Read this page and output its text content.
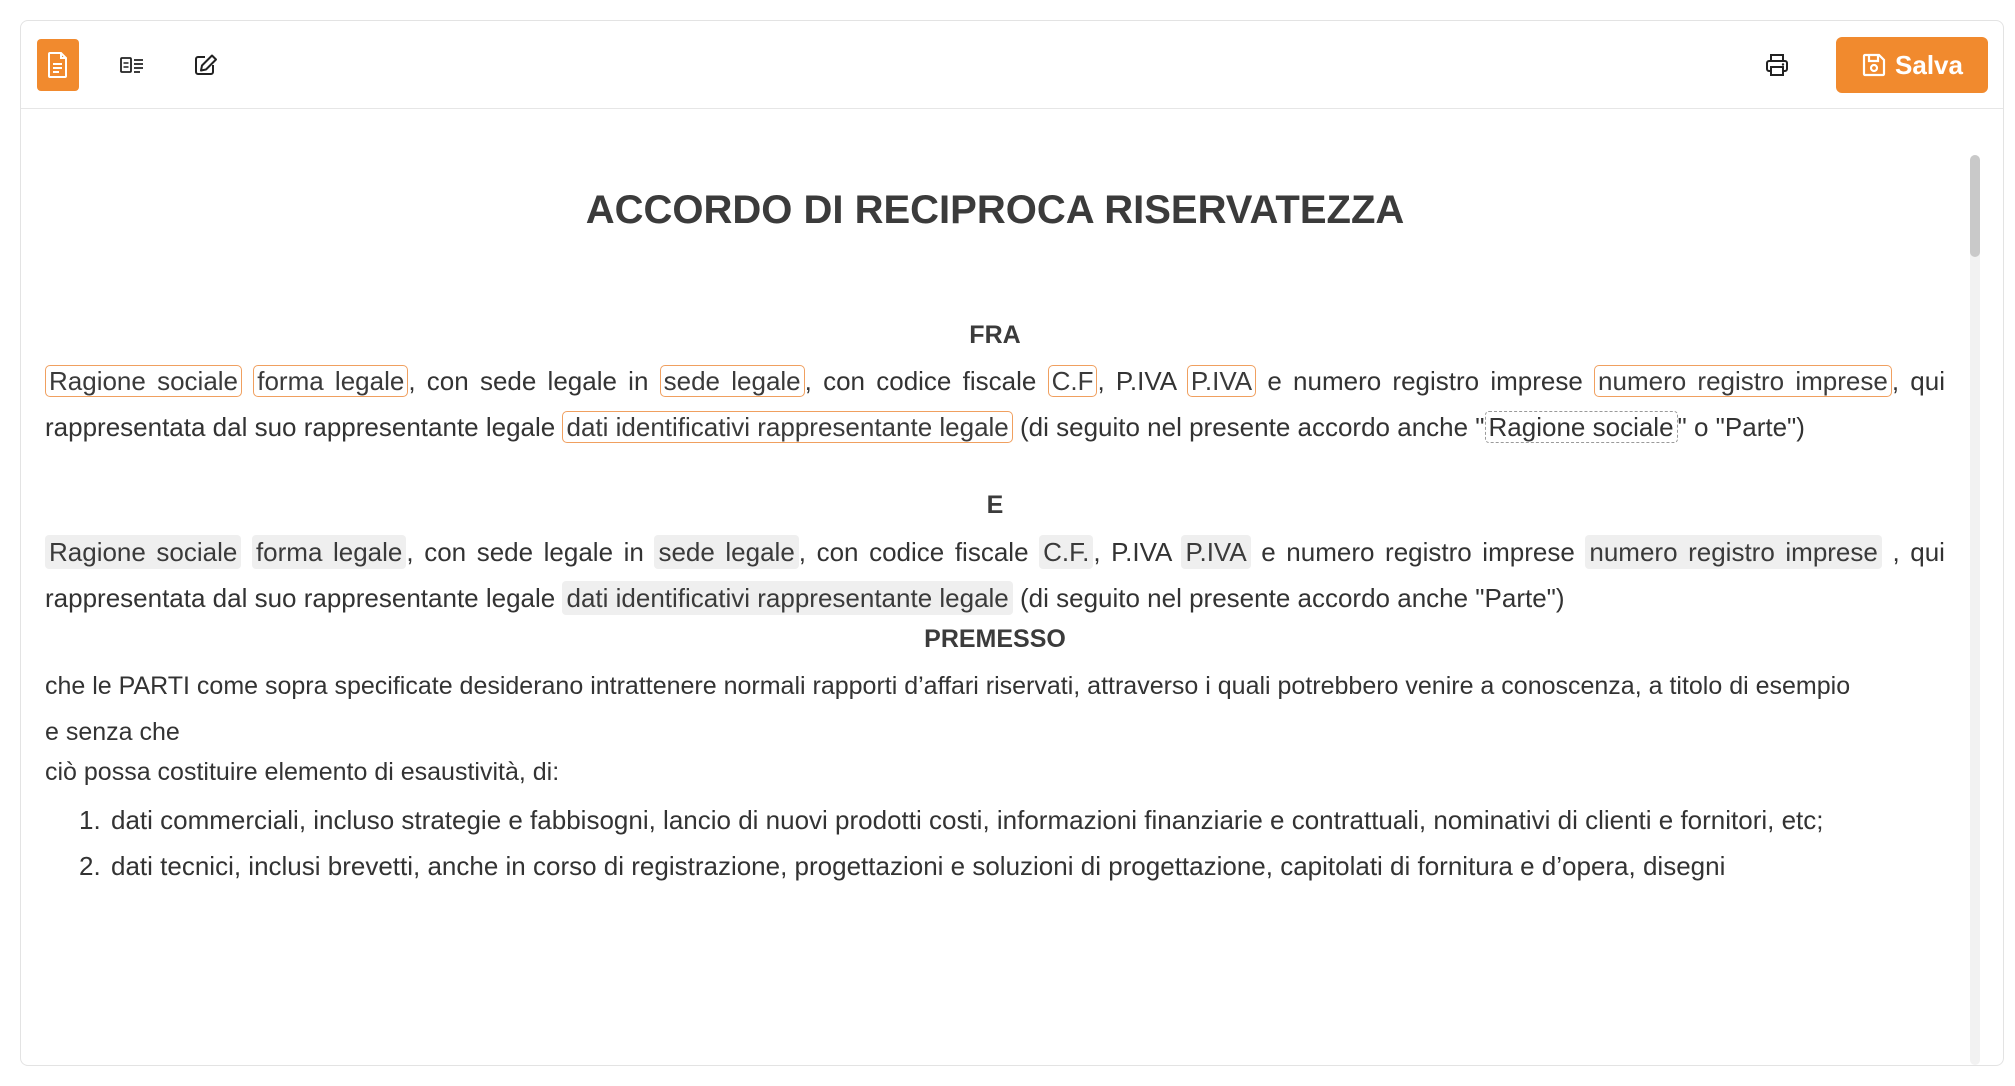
Salva
ACCORDO DI RECIPROCA RISERVATEZZA
FRA

Ragione sociale forma legale , con sede legale in sede legale , con codice fiscale C.F , P.IVA P.IVA e numero registro imprese numero registro imprese , qui rappresentata dal suo rappresentante legale dati identificativi rappresentante legale (di seguito nel presente accordo anche " Ragione sociale " o "Parte")

E

Ragione sociale forma legale , con sede legale in sede legale , con codice fiscale C.F. , P.IVA P.IVA e numero registro imprese numero registro imprese , qui rappresentata dal suo rappresentante legale dati identificativi rappresentante legale (di seguito nel presente accordo anche "Parte")

PREMESSO

che le PARTI come sopra specificate desiderano intrattenere normali rapporti d’affari riservati, attraverso i quali potrebbero venire a conoscenza, a titolo di esempio e senza che

ciò possa costituire elemento di esaustività, di:

1. dati commerciali, incluso strategie e fabbisogni, lancio di nuovi prodotti costi, informazioni finanziarie e contrattuali, nominativi di clienti e fornitori, etc;
2. dati tecnici, inclusi brevetti, anche in corso di registrazione, progettazioni e soluzioni di progettazione, capitolati di fornitura e d’opera, disegni
